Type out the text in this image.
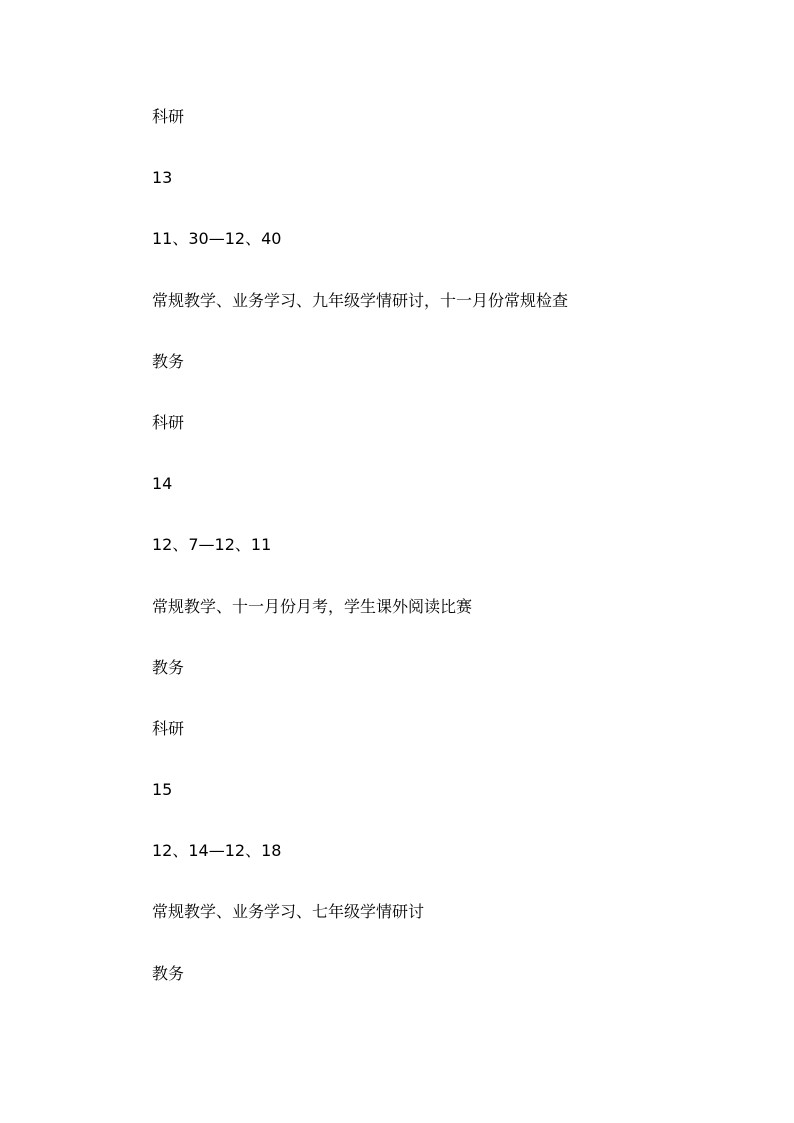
科研
13
11、30—12、40
常规教学、业务学习、九年级学情研讨，十一月份常规检查
教务
科研
14
12、7—12、11
常规教学、十一月份月考，学生课外阅读比赛
教务
科研
15
12、14—12、18
常规教学、业务学习、七年级学情研讨
教务
